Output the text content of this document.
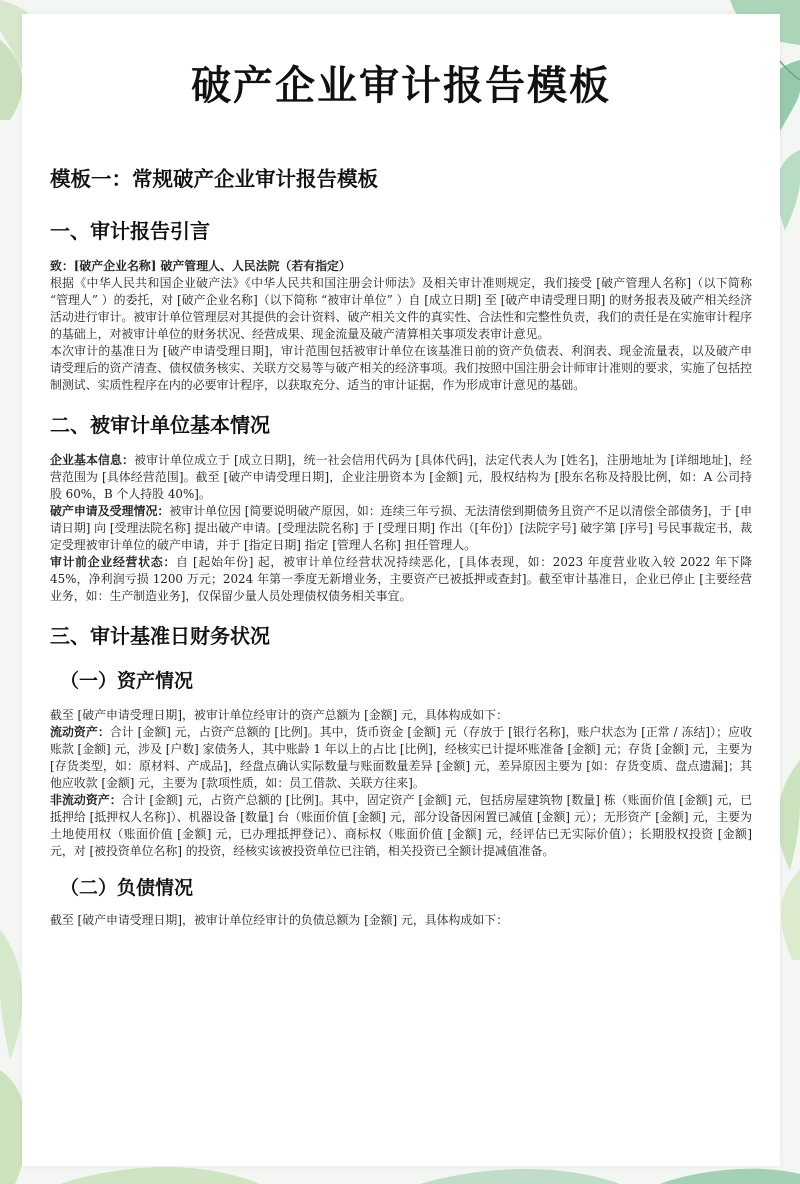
破产企业审计报告模板
模板一：常规破产企业审计报告模板
一、审计报告引言

致：[破产企业名称] 破产管理人、人民法院（若有指定）

根据《中华人民共和国企业破产法》《中华人民共和国注册会计师法》及相关审计准则规定，我们接受 [破产管理人名称]（以下简称 “管理人” ）的委托，对 [破产企业名称]（以下简称 “被审计单位” ）自 [成立日期] 至 [破产申请受理日期] 的财务报表及破产相关经济活动进行审计。被审计单位管理层对其提供的会计资料、破产相关文件的真实性、合法性和完整性负责，我们的责任是在实施审计程序的基础上，对被审计单位的财务状况、经营成果、现金流量及破产清算相关事项发表审计意见。

本次审计的基准日为 [破产申请受理日期]，审计范围包括被审计单位在该基准日前的资产负债表、利润表、现金流量表，以及破产申请受理后的资产清查、债权债务核实、关联方交易等与破产相关的经济事项。我们按照中国注册会计师审计准则的要求，实施了包括控制测试、实质性程序在内的必要审计程序，以获取充分、适当的审计证据，作为形成审计意见的基础。

二、被审计单位基本情况

企业基本信息：被审计单位成立于 [成立日期]，统一社会信用代码为 [具体代码]，法定代表人为 [姓名]，注册地址为 [详细地址]，经营范围为 [具体经营范围]。截至 [破产申请受理日期]，企业注册资本为 [金额] 元，股权结构为 [股东名称及持股比例，如：A 公司持股 60%，B 个人持股 40%]。

破产申请及受理情况：被审计单位因 [简要说明破产原因，如：连续三年亏损、无法清偿到期债务且资产不足以清偿全部债务]，于 [申请日期] 向 [受理法院名称] 提出破产申请。[受理法院名称] 于 [受理日期] 作出（[年份]）[法院字号] 破字第 [序号] 号民事裁定书，裁定受理被审计单位的破产申请，并于 [指定日期] 指定 [管理人名称] 担任管理人。

审计前企业经营状态：自 [起始年份] 起，被审计单位经营状况持续恶化，[具体表现，如：2023 年度营业收入较 2022 年下降 45%，净利润亏损 1200 万元；2024 年第一季度无新增业务，主要资产已被抵押或查封]。截至审计基准日，企业已停止 [主要经营业务，如：生产制造业务]，仅保留少量人员处理债权债务相关事宜。

三、审计基准日财务状况
（一）资产情况

截至 [破产申请受理日期]，被审计单位经审计的资产总额为 [金额] 元，具体构成如下：

流动资产：合计 [金额] 元，占资产总额的 [比例]。其中，货币资金 [金额] 元（存放于 [银行名称]，账户状态为 [正常 / 冻结]）；应收账款 [金额] 元，涉及 [户数] 家债务人，其中账龄 1 年以上的占比 [比例]，经核实已计提坏账准备 [金额] 元；存货 [金额] 元，主要为 [存货类型，如：原材料、产成品]，经盘点确认实际数量与账面数量差异 [金额] 元，差异原因主要为 [如：存货变质、盘点遗漏]；其他应收款 [金额] 元，主要为 [款项性质，如：员工借款、关联方往来]。

非流动资产：合计 [金额] 元，占资产总额的 [比例]。其中，固定资产 [金额] 元，包括房屋建筑物 [数量] 栋（账面价值 [金额] 元，已抵押给 [抵押权人名称]）、机器设备 [数量] 台（账面价值 [金额] 元，部分设备因闲置已减值 [金额] 元）；无形资产 [金额] 元，主要为土地使用权（账面价值 [金额] 元，已办理抵押登记）、商标权（账面价值 [金额] 元，经评估已无实际价值）；长期股权投资 [金额] 元，对 [被投资单位名称] 的投资，经核实该被投资单位已注销，相关投资已全额计提减值准备。

（二）负债情况

截至 [破产申请受理日期]，被审计单位经审计的负债总额为 [金额] 元，具体构成如下：
